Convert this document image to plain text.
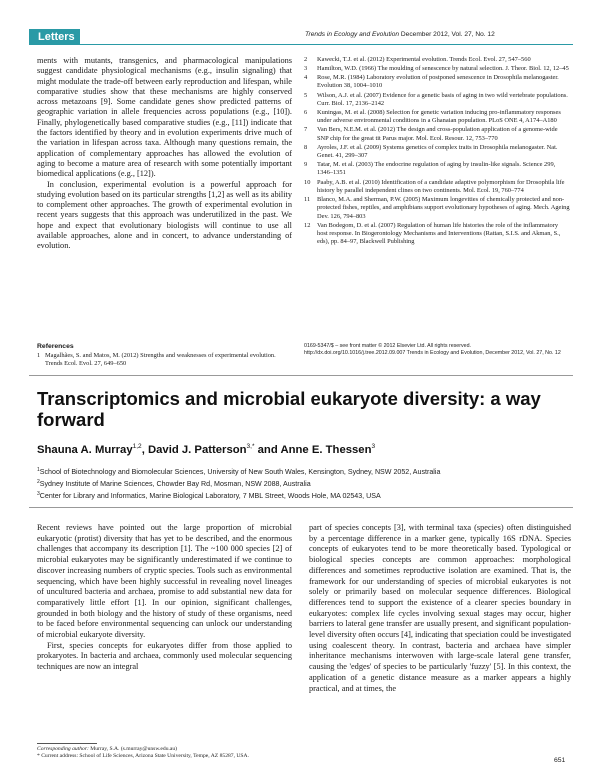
Letters	Trends in Ecology and Evolution December 2012, Vol. 27, No. 12

ments with mutants, transgenics, and pharmacological manipulations suggest candidate physiological mechanisms (e.g., insulin signaling) that might modulate the trade-off between early reproduction and lifespan, while comparative studies show that these mechanisms are highly conserved across metazoans [9]. Some candidate genes show predicted patterns of geographic variation in allele frequencies across populations (e.g., [10]). Finally, phylogenetically based comparative studies (e.g., [11]) indicate that the factors identified by theory and in evolution experiments drive much of the variation in lifespan across taxa. Although many questions remain, the application of complementary approaches has allowed the evolution of aging to become a mature area of research with some potentially important biomedical applications (e.g., [12]).

In conclusion, experimental evolution is a powerful approach for studying evolution based on its particular strengths [1,2] as well as its ability to complement other approaches. The growth of experimental evolution in recent years suggests that this approach was underutilized in the past. We hope and expect that evolutionary biologists will continue to use all available approaches, alone and in concert, to advance understanding of evolution.

References
1 Magalhães, S. and Matos, M. (2012) Strengths and weaknesses of experimental evolution. Trends Ecol. Evol. 27, 649–650
2	Kawecki, T.J. et al. (2012) Experimental evolution. Trends Ecol. Evol. 27, 547–560
3	Hamilton, W.D. (1966) The moulding of senescence by natural selection. J. Theor. Biol. 12, 12–45
4	Rose, M.R. (1984) Laboratory evolution of postponed senescence in Drosophila melanogaster. Evolution 38, 1004–1010
5	Wilson, A.J. et al. (2007) Evidence for a genetic basis of aging in two wild vertebrate populations. Curr. Biol. 17, 2136–2142
6	Kuningas, M. et al. (2008) Selection for genetic variation inducing pro-inflammatory responses under adverse environmental conditions in a Ghanaian population. PLoS ONE 4, A174–A180
7	Van Bers, N.E.M. et al. (2012) The design and cross-population application of a genome-wide SNP chip for the great tit Parus major. Mol. Ecol. Resour. 12, 753–770
8	Ayroles, J.F. et al. (2009) Systems genetics of complex traits in Drosophila melanogaster. Nat. Genet. 41, 299–307
9	Tatar, M. et al. (2003) The endocrine regulation of aging by insulin-like signals. Science 299, 1346–1351
10	Paaby, A.B. et al. (2010) Identification of a candidate adaptive polymorphism for Drosophila life history by parallel independent clines on two continents. Mol. Ecol. 19, 760–774
11	Blanco, M.A. and Sherman, P.W. (2005) Maximum longevities of chemically protected and non-protected fishes, reptiles, and amphibians support evolutionary hypotheses of aging. Mech. Ageing Dev. 126, 794–803
12	Van Bodegom, D. et al. (2007) Regulation of human life histories the role of the inflammatory host response. In Biogerontology Mechanisms and Interventions (Rattan, S.I.S. and Akman, S., eds), pp. 84–97, Blackwell Publishing
0169-5347/$ – see front matter © 2012 Elsevier Ltd. All rights reserved. http://dx.doi.org/10.1016/j.tree.2012.09.007 Trends in Ecology and Evolution, December 2012, Vol. 27, No. 12
Transcriptomics and microbial eukaryote diversity: a way forward
Shauna A. Murray$^{1,2}$, David J. Patterson$^{3,*}$ and Anne E. Thessen$^3$
$^1$School of Biotechnology and Biomolecular Sciences, University of New South Wales, Kensington, Sydney, NSW 2052, Australia
$^2$Sydney Institute of Marine Sciences, Chowder Bay Rd, Mosman, NSW 2088, Australia
$^3$Center for Library and Informatics, Marine Biological Laboratory, 7 MBL Street, Woods Hole, MA 02543, USA

Recent reviews have pointed out the large proportion of microbial eukaryotic (protist) diversity that has yet to be described, and the enormous challenges that accompany its description [1]. The ~100 000 species [2] of microbial eukaryotes may be significantly underestimated if we continue to discover increasing numbers of cryptic species. Tools such as environmental sequencing, which have been highly successful in revealing novel lineages of uncultured bacteria and archaea, promise to add substantial new data for comparatively little effort [1]. In our opinion, significant challenges, grounded in both biology and the history of study of these organisms, need to be faced before environmental sequencing can unlock our understanding of microbial eukaryote diversity.

First, species concepts for eukaryotes differ from those applied to prokaryotes. In bacteria and archaea, commonly used molecular sequencing techniques are now an integral

part of species concepts [3], with terminal taxa (species) often distinguished by a percentage difference in a marker gene, typically 16S rDNA. Species concepts of eukaryotes tend to be more theoretically based. Typological or biological species concepts are common approaches: morphological differences and sometimes reproductive isolation are examined. That is, the framework for our understanding of species of microbial eukaryotes is not solely or primarily based on molecular sequence differences. Biological differences tend to support the existence of a clearer species boundary in eukaryotes: complex life cycles involving sexual stages may occur, higher barriers to lateral gene transfer are usually present, and significant population-level diversity often occurs [4], indicating that speciation could be investigated using coalescent theory. In contrast, bacteria and archaea have simpler inheritance mechanisms interwoven with large-scale lateral gene transfer, causing the 'edges' of species to be particularly 'fuzzy' [5]. In this context, the application of a genetic distance measure as a marker appears a highly practical, and at times, the

Corresponding author: Murray, S.A. (s.murray@unsw.edu.au)

* Current address: School of Life Sciences, Arizona State University, Tempe, AZ 85287, USA.

651
